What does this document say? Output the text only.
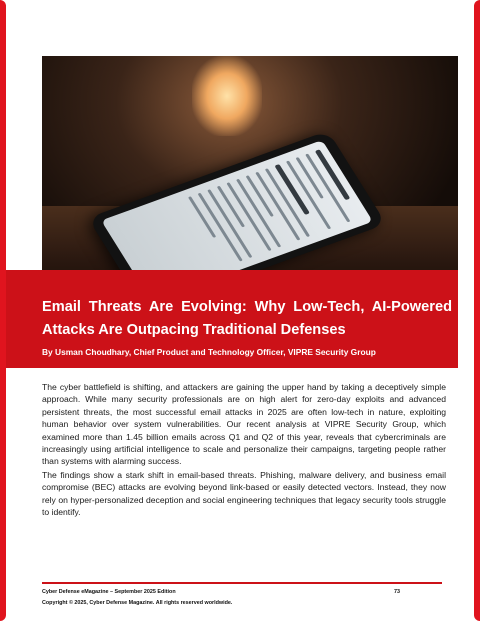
Email Threats Are Evolving: Why Low-Tech, AI-Powered Attacks Are Outpacing Traditional Defenses

By Usman Choudhary, Chief Product and Technology Officer, VIPRE Security Group

The cyber battlefield is shifting, and attackers are gaining the upper hand by taking a deceptively simple approach. While many security professionals are on high alert for zero-day exploits and advanced persistent threats, the most successful email attacks in 2025 are often low-tech in nature, exploiting human behavior over system vulnerabilities. Our recent analysis at VIPRE Security Group, which examined more than 1.45 billion emails across Q1 and Q2 of this year, reveals that cybercriminals are increasingly using artificial intelligence to scale and personalize their campaigns, targeting people rather than systems with alarming success.

The findings show a stark shift in email-based threats. Phishing, malware delivery, and business email compromise (BEC) attacks are evolving beyond link-based or easily detected vectors. Instead, they now rely on hyper-personalized deception and social engineering techniques that legacy security tools struggle to identify.

Cyber Defense eMagazine – September 2025 Edition	73
Copyright © 2025, Cyber Defense Magazine. All rights reserved worldwide.
